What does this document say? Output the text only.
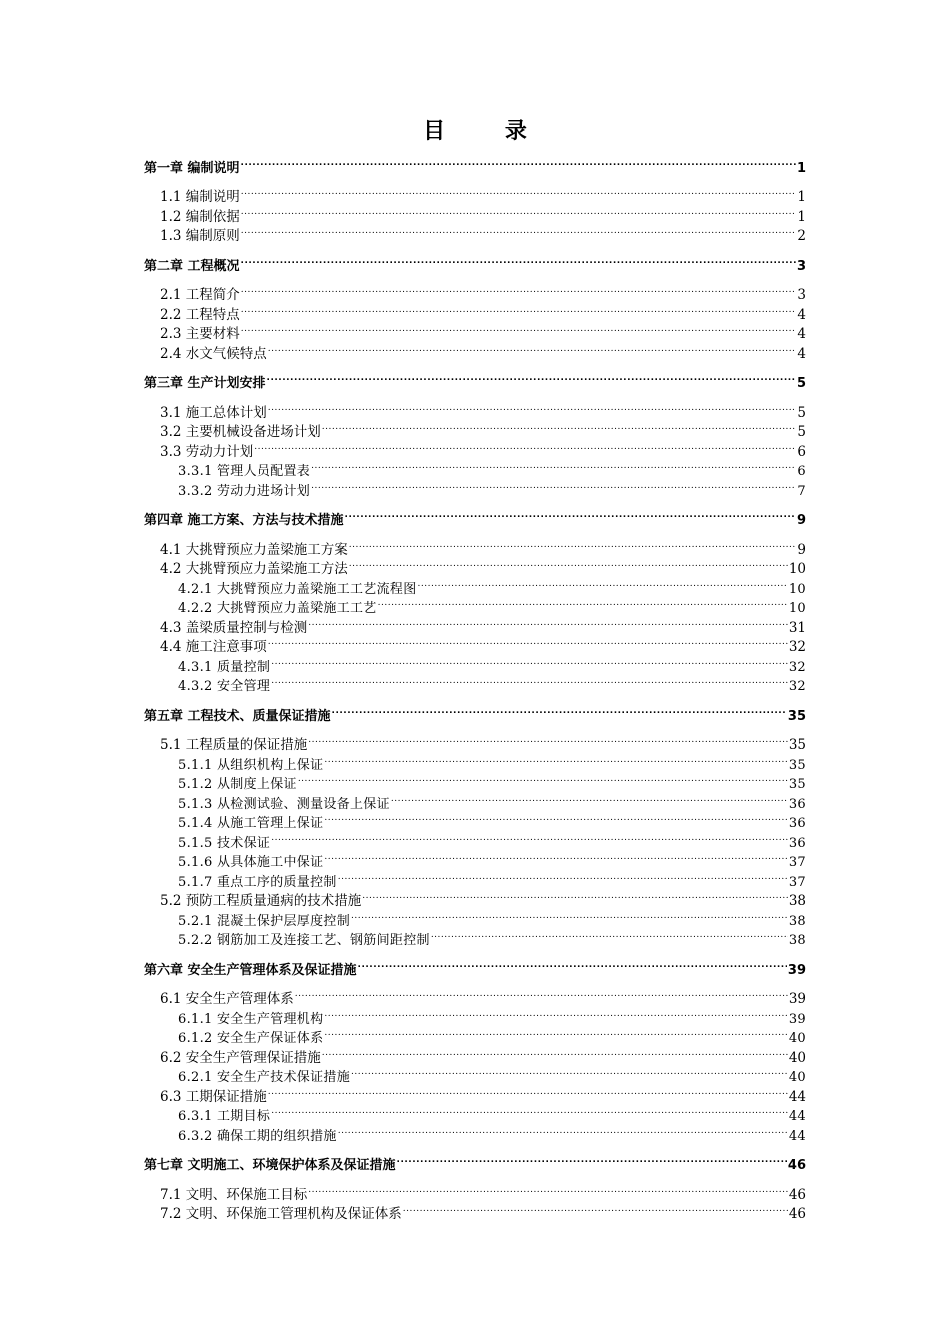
目 录
第一章 编制说明 .....	1
1.1 编制说明 .....	1
1.2 编制依据 .....	1
1.3 编制原则 .....	2
第二章 工程概况 .....	3
2.1 工程简介 .....	3
2.2 工程特点 .....	4
2.3 主要材料 .....	4
2.4 水文气候特点 .....	4
第三章 生产计划安排 .....	5
3.1 施工总体计划 .....	5
3.2 主要机械设备进场计划 .....	5
3.3 劳动力计划 .....	6
3.3.1 管理人员配置表 .....	6
3.3.2 劳动力进场计划 .....	7
第四章 施工方案、方法与技术措施 .....	9
4.1 大挑臂预应力盖梁施工方案 .....	9
4.2 大挑臂预应力盖梁施工方法 .....	10
4.2.1 大挑臂预应力盖梁施工工艺流程图 .....	10
4.2.2 大挑臂预应力盖梁施工工艺 .....	10
4.3 盖梁质量控制与检测 .....	31
4.4 施工注意事项 .....	32
4.3.1 质量控制 .....	32
4.3.2 安全管理 .....	32
第五章 工程技术、质量保证措施 .....	35
5.1 工程质量的保证措施 .....	35
5.1.1 从组织机构上保证 .....	35
5.1.2 从制度上保证 .....	35
5.1.3 从检测试验、测量设备上保证 .....	36
5.1.4 从施工管理上保证 .....	36
5.1.5 技术保证 .....	36
5.1.6 从具体施工中保证 .....	37
5.1.7 重点工序的质量控制 .....	37
5.2 预防工程质量通病的技术措施 .....	38
5.2.1 混凝土保护层厚度控制 .....	38
5.2.2 钢筋加工及连接工艺、钢筋间距控制 .....	38
第六章 安全生产管理体系及保证措施 .....	39
6.1 安全生产管理体系 .....	39
6.1.1 安全生产管理机构 .....	39
6.1.2 安全生产保证体系 .....	40
6.2 安全生产管理保证措施 .....	40
6.2.1 安全生产技术保证措施 .....	40
6.3 工期保证措施 .....	44
6.3.1 工期目标 .....	44
6.3.2 确保工期的组织措施 .....	44
第七章 文明施工、环境保护体系及保证措施 .....	46
7.1 文明、环保施工目标 .....	46
7.2 文明、环保施工管理机构及保证体系 .....	46
